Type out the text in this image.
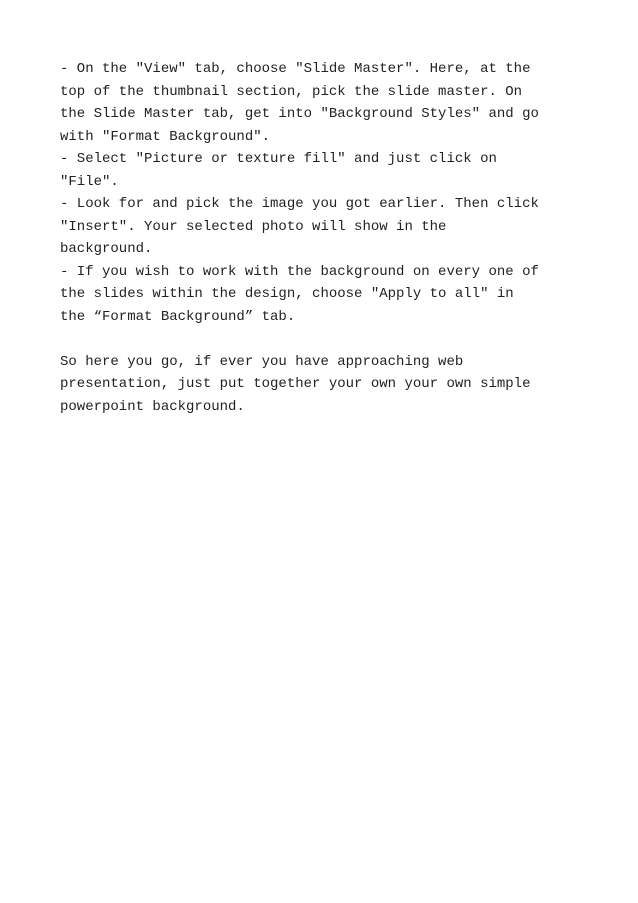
- On the "View" tab, choose "Slide Master". Here, at the
top of the thumbnail section, pick the slide master. On
the Slide Master tab, get into "Background Styles" and go
with "Format Background".
- Select "Picture or texture fill" and just click on
"File".
- Look for and pick the image you got earlier. Then click
"Insert". Your selected photo will show in the
background.
- If you wish to work with the background on every one of
the slides within the design, choose "Apply to all" in
the “Format Background” tab.
So here you go, if ever you have approaching web
presentation, just put together your own your own simple
powerpoint background.
